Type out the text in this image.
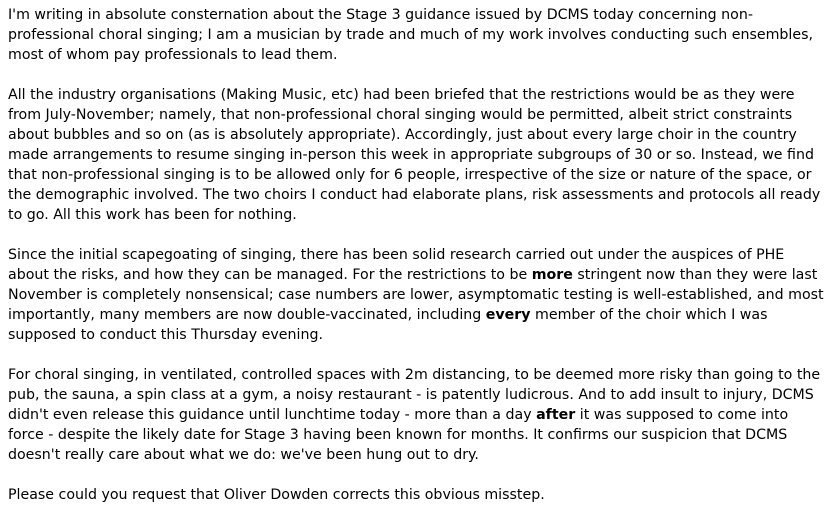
I'm writing in absolute consternation about the Stage 3 guidance issued by DCMS today concerning non-professional choral singing; I am a musician by trade and much of my work involves conducting such ensembles, most of whom pay professionals to lead them.

All the industry organisations (Making Music, etc) had been briefed that the restrictions would be as they were from July-November; namely, that non-professional choral singing would be permitted, albeit strict constraints about bubbles and so on (as is absolutely appropriate). Accordingly, just about every large choir in the country made arrangements to resume singing in-person this week in appropriate subgroups of 30 or so. Instead, we find that non-professional singing is to be allowed only for 6 people, irrespective of the size or nature of the space, or the demographic involved. The two choirs I conduct had elaborate plans, risk assessments and protocols all ready to go. All this work has been for nothing.

Since the initial scapegoating of singing, there has been solid research carried out under the auspices of PHE about the risks, and how they can be managed. For the restrictions to be more stringent now than they were last November is completely nonsensical; case numbers are lower, asymptomatic testing is well-established, and most importantly, many members are now double-vaccinated, including every member of the choir which I was supposed to conduct this Thursday evening.

For choral singing, in ventilated, controlled spaces with 2m distancing, to be deemed more risky than going to the pub, the sauna, a spin class at a gym, a noisy restaurant - is patently ludicrous. And to add insult to injury, DCMS didn't even release this guidance until lunchtime today - more than a day after it was supposed to come into force - despite the likely date for Stage 3 having been known for months. It confirms our suspicion that DCMS doesn't really care about what we do: we've been hung out to dry.

Please could you request that Oliver Dowden corrects this obvious misstep.
